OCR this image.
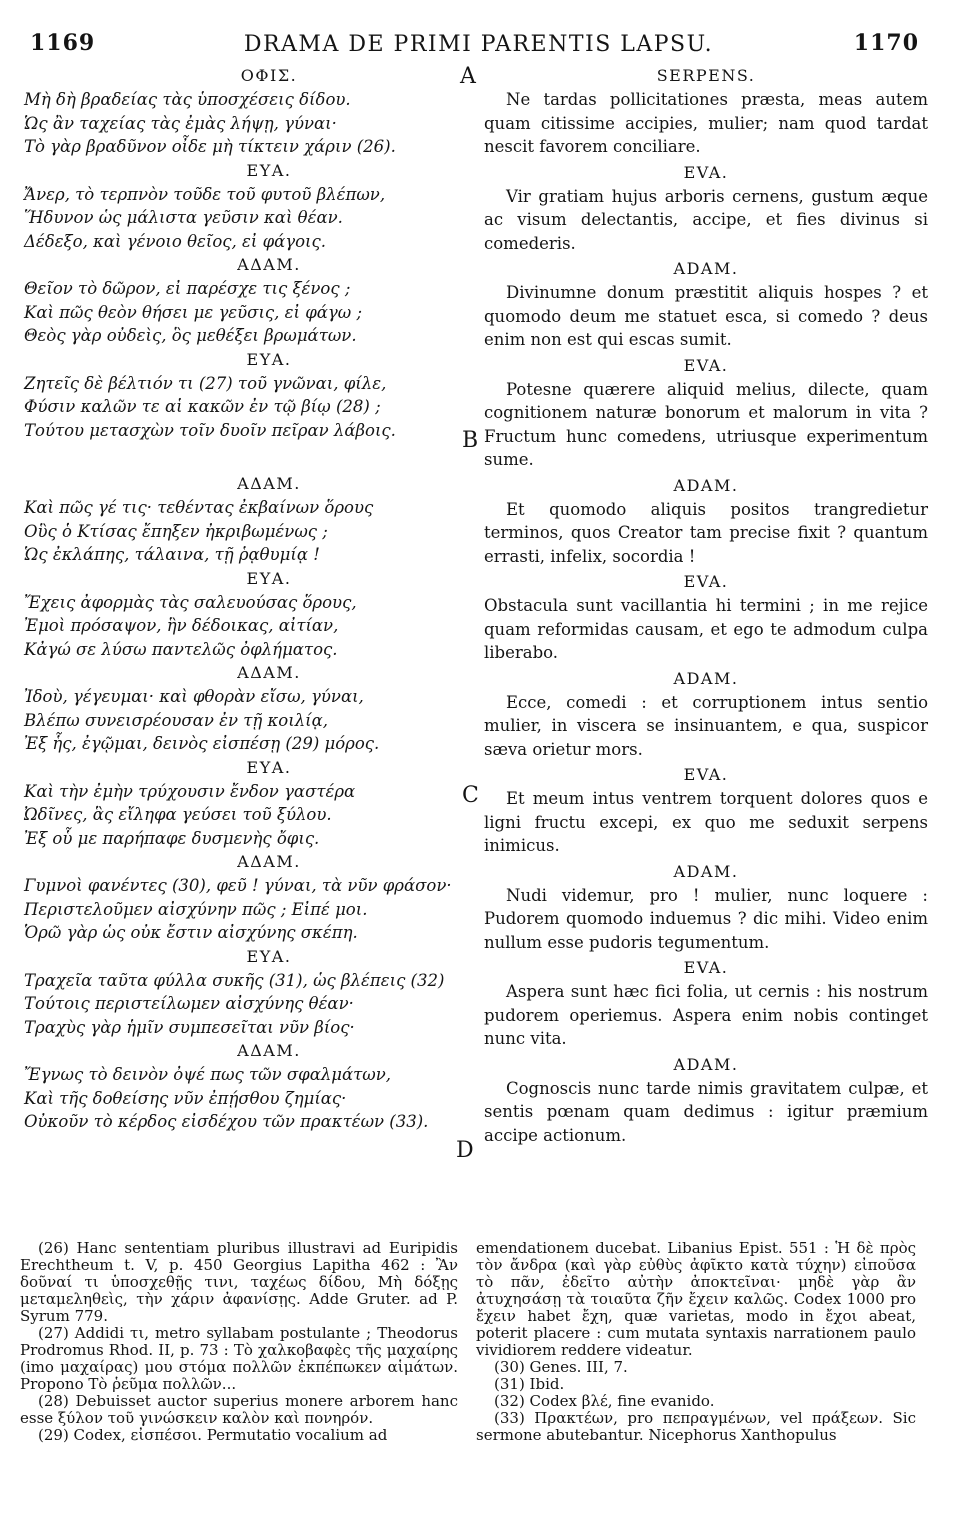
1169	DRAMA DE PRIMI PARENTIS LAPSU.	1170
A
B
C
D
ΟΦΙΣ.
Μὴ δὴ βραδείας τὰς ὑποσχέσεις δίδου.
Ὡς ἂν ταχείας τὰς ἐμὰς λήψῃ, γύναι·
Τὸ γὰρ βραδῦνον οἶδε μὴ τίκτειν χάριν (26).
ΕΥΑ.
Ἄνερ, τὸ τερπνὸν τοῦδε τοῦ φυτοῦ βλέπων,
Ἥδυνον ὡς μάλιστα γεῦσιν καὶ θέαν.
Δέδεξο, καὶ γένοιο θεῖος, εἰ φάγοις.
ΑΔΑΜ.
Θεῖον τὸ δῶρον, εἰ παρέσχε τις ξένος ;
Καὶ πῶς θεὸν θήσει με γεῦσις, εἰ φάγω ;
Θεὸς γὰρ οὐδεὶς, ὃς μεθέξει βρωμάτων.
ΕΥΑ.
Ζητεῖς δὲ βέλτιόν τι (27) τοῦ γνῶναι, φίλε,
Φύσιν καλῶν τε αἱ κακῶν ἐν τῷ βίῳ (28) ;
Τούτου μετασχὼν τοῖν δυοῖν πεῖραν λάβοις.
ΑΔΑΜ.
Καὶ πῶς γέ τις· τεθέντας ἐκβαίνων ὅρους
Οὓς ὁ Κτίσας ἔπηξεν ἠκριβωμένως ;
Ὡς ἐκλάπης, τάλαινα, τῇ ῥᾳθυμίᾳ !
ΕΥΑ.
Ἔχεις ἀφορμὰς τὰς σαλευούσας ὅρους,
Ἐμοὶ πρόσαψον, ἣν δέδοικας, αἰτίαν,
Κἀγώ σε λύσω παντελῶς ὀφλήματος.
ΑΔΑΜ.
Ἰδοὺ, γέγευμαι· καὶ φθορὰν εἴσω, γύναι,
Βλέπω συνεισρέουσαν ἐν τῇ κοιλίᾳ,
Ἐξ ἧς, ἐγῷμαι, δεινὸς εἰσπέσῃ (29) μόρος.
ΕΥΑ.
Καὶ τὴν ἐμὴν τρύχουσιν ἔνδον γαστέρα
Ὠδῖνες, ἃς εἴληφα γεύσει τοῦ ξύλου.
Ἐξ οὗ με παρήπαφε δυσμενὴς ὄφις.
ΑΔΑΜ.
Γυμνοὶ φανέντες (30), φεῦ ! γύναι, τὰ νῦν φράσον·
Περιστελοῦμεν αἰσχύνην πῶς ; Εἰπέ μοι.
Ὁρῶ γὰρ ὡς οὐκ ἔστιν αἰσχύνης σκέπη.
ΕΥΑ.
Τραχεῖα ταῦτα φύλλα συκῆς (31), ὡς βλέπεις (32)
Τούτοις περιστείλωμεν αἰσχύνης θέαν·
Τραχὺς γὰρ ἡμῖν συμπεσεῖται νῦν βίος·
ΑΔΑΜ.
Ἔγνως τὸ δεινὸν ὀψέ πως τῶν σφαλμάτων,
Καὶ τῆς δοθείσης νῦν ἐπῄσθου ζημίας·
Οὐκοῦν τὸ κέρδος εἰσδέχου τῶν πρακτέων (33).
SERPENS.
Ne tardas pollicitationes præsta, meas autem quam citissime accipies, mulier; nam quod tardat nescit favorem conciliare.
EVA.
Vir gratiam hujus arboris cernens, gustum æque ac visum delectantis, accipe, et fies divinus si comederis.
ADAM.
Divinumne donum præstitit aliquis hospes ? et quomodo deum me statuet esca, si comedo ? deus enim non est qui escas sumit.
EVA.
Potesne quærere aliquid melius, dilecte, quam cognitionem naturæ bonorum et malorum in vita ? Fructum hunc comedens, utriusque experimentum sume.
ADAM.
Et quomodo aliquis positos trangredietur terminos, quos Creator tam precise fixit ? quantum errasti, infelix, socordia !
EVA.
Obstacula sunt vacillantia hi termini ; in me rejice quam reformidas causam, et ego te admodum culpa liberabo.
ADAM.
Ecce, comedi : et corruptionem intus sentio mulier, in viscera se insinuantem, e qua, suspicor sæva orietur mors.
EVA.
Et meum intus ventrem torquent dolores quos e ligni fructu excepi, ex quo me seduxit serpens inimicus.
ADAM.
Nudi videmur, pro ! mulier, nunc loquere : Pudorem quomodo induemus ? dic mihi. Video enim nullum esse pudoris tegumentum.
EVA.
Aspera sunt hæc fici folia, ut cernis : his nostrum pudorem operiemus. Aspera enim nobis continget nunc vita.
ADAM.
Cognoscis nunc tarde nimis gravitatem culpæ, et sentis pœnam quam dedimus : igitur præmium accipe actionum.

(26) Hanc sententiam pluribus illustravi ad Euripidis Erechtheum t. V, p. 450 Georgius Lapitha 462 : Ἂν δοῦναί τι ὑποσχεθῇς τινι, ταχέως δίδου, Μὴ δόξῃς μεταμεληθεὶς, τὴν χάριν ἀφανίσῃς. Adde Gruter. ad P. Syrum 779.

(27) Addidi τι, metro syllabam postulante ; Theodorus Prodromus Rhod. II, p. 73 : Τὸ χαλκοβαφὲς τῆς μαχαίρης (imo μαχαίρας) μου στόμα πολλῶν ἐκπέπωκεν αἱμάτων. Propono Τὸ ῥεῦμα πολλῶν...

(28) Debuisset auctor superius monere arborem hanc esse ξύλον τοῦ γινώσκειν καλὸν καὶ πονηρόν.

(29) Codex, εἰσπέσοι. Permutatio vocalium ad

emendationem ducebat. Libanius Epist. 551 : Ἡ δὲ πρὸς τὸν ἄνδρα (καὶ γὰρ εὐθὺς ἀφῖκτο κατὰ τύχην) εἰποῦσα τὸ πᾶν, ἐδεῖτο αὐτὴν ἀποκτεῖναι· μηδὲ γὰρ ἂν ἀτυχησάσῃ τὰ τοιαῦτα ζῆν ἔχειν καλῶς. Codex 1000 pro ἔχειν habet ἔχη, quæ varietas, modo in ἔχοι abeat, poterit placere : cum mutata syntaxis narrationem paulo vividiorem reddere videatur.

(30) Genes. III, 7.

(31) Ibid.

(32) Codex βλέ, fine evanido.

(33) Πρακτέων, pro πεπραγμένων, vel πράξεων. Sic sermone abutebantur. Nicephorus Xanthopulus
